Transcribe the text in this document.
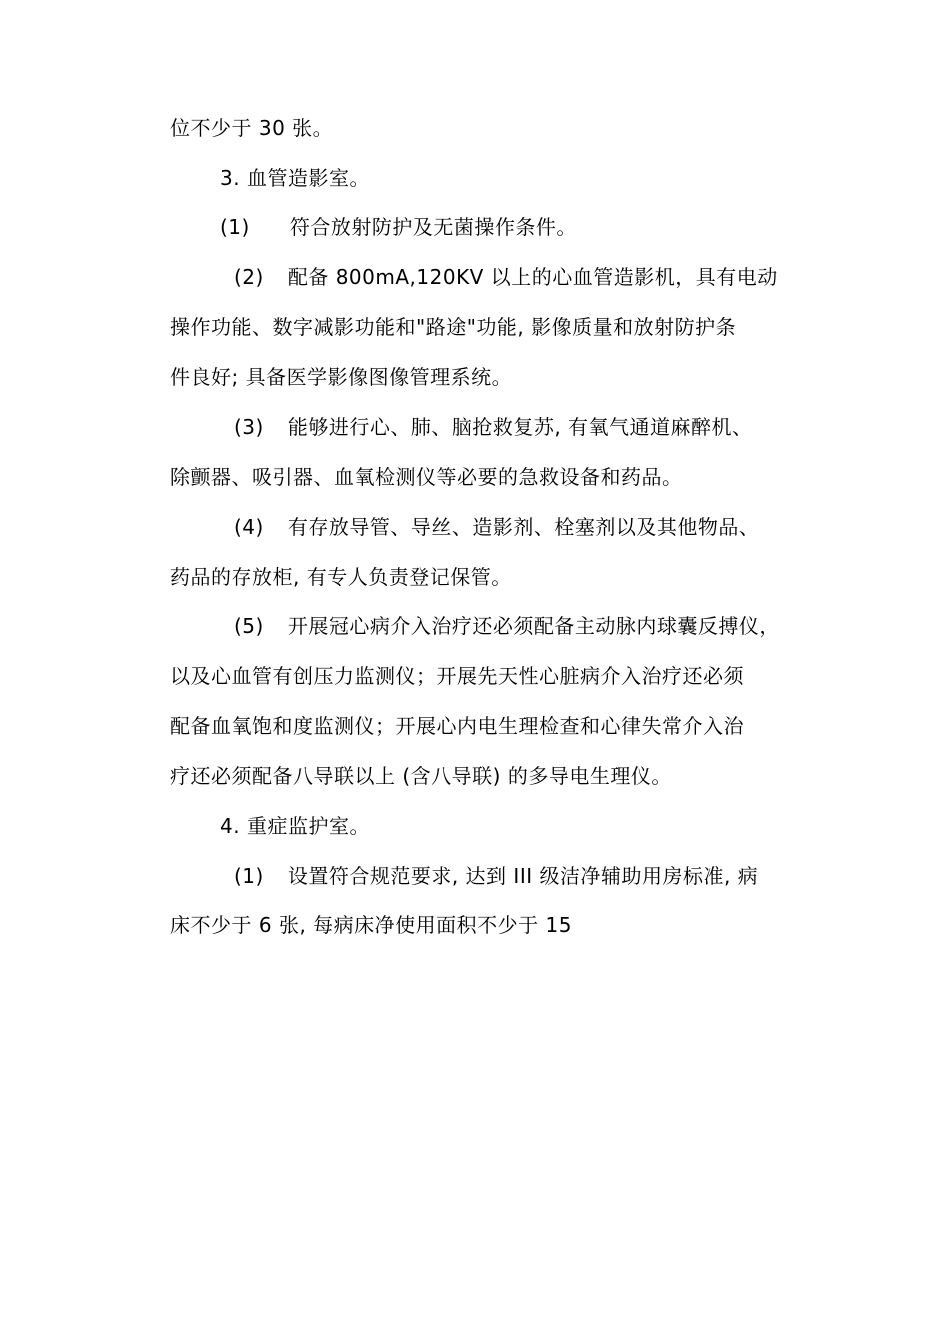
位不少于 30 张。
3. 血管造影室。
(1) 符合放射防护及无菌操作条件。
(2) 配备 800mA,120KV 以上的心血管造影机，具有电动
操作功能、数字减影功能和"路途"功能, 影像质量和放射防护条
件良好; 具备医学影像图像管理系统。
(3) 能够进行心、肺、脑抢救复苏, 有氧气通道麻醉机、
除颤器、吸引器、血氧检测仪等必要的急救设备和药品。
(4) 有存放导管、导丝、造影剂、栓塞剂以及其他物品、
药品的存放柜, 有专人负责登记保管。
(5) 开展冠心病介入治疗还必须配备主动脉内球囊反搏仪，
以及心血管有创压力监测仪；开展先天性心脏病介入治疗还必须
配备血氧饱和度监测仪；开展心内电生理检查和心律失常介入治
疗还必须配备八导联以上 (含八导联) 的多导电生理仪。
4. 重症监护室。
(1) 设置符合规范要求, 达到 III 级洁净辅助用房标准, 病
床不少于 6 张, 每病床净使用面积不少于 15
